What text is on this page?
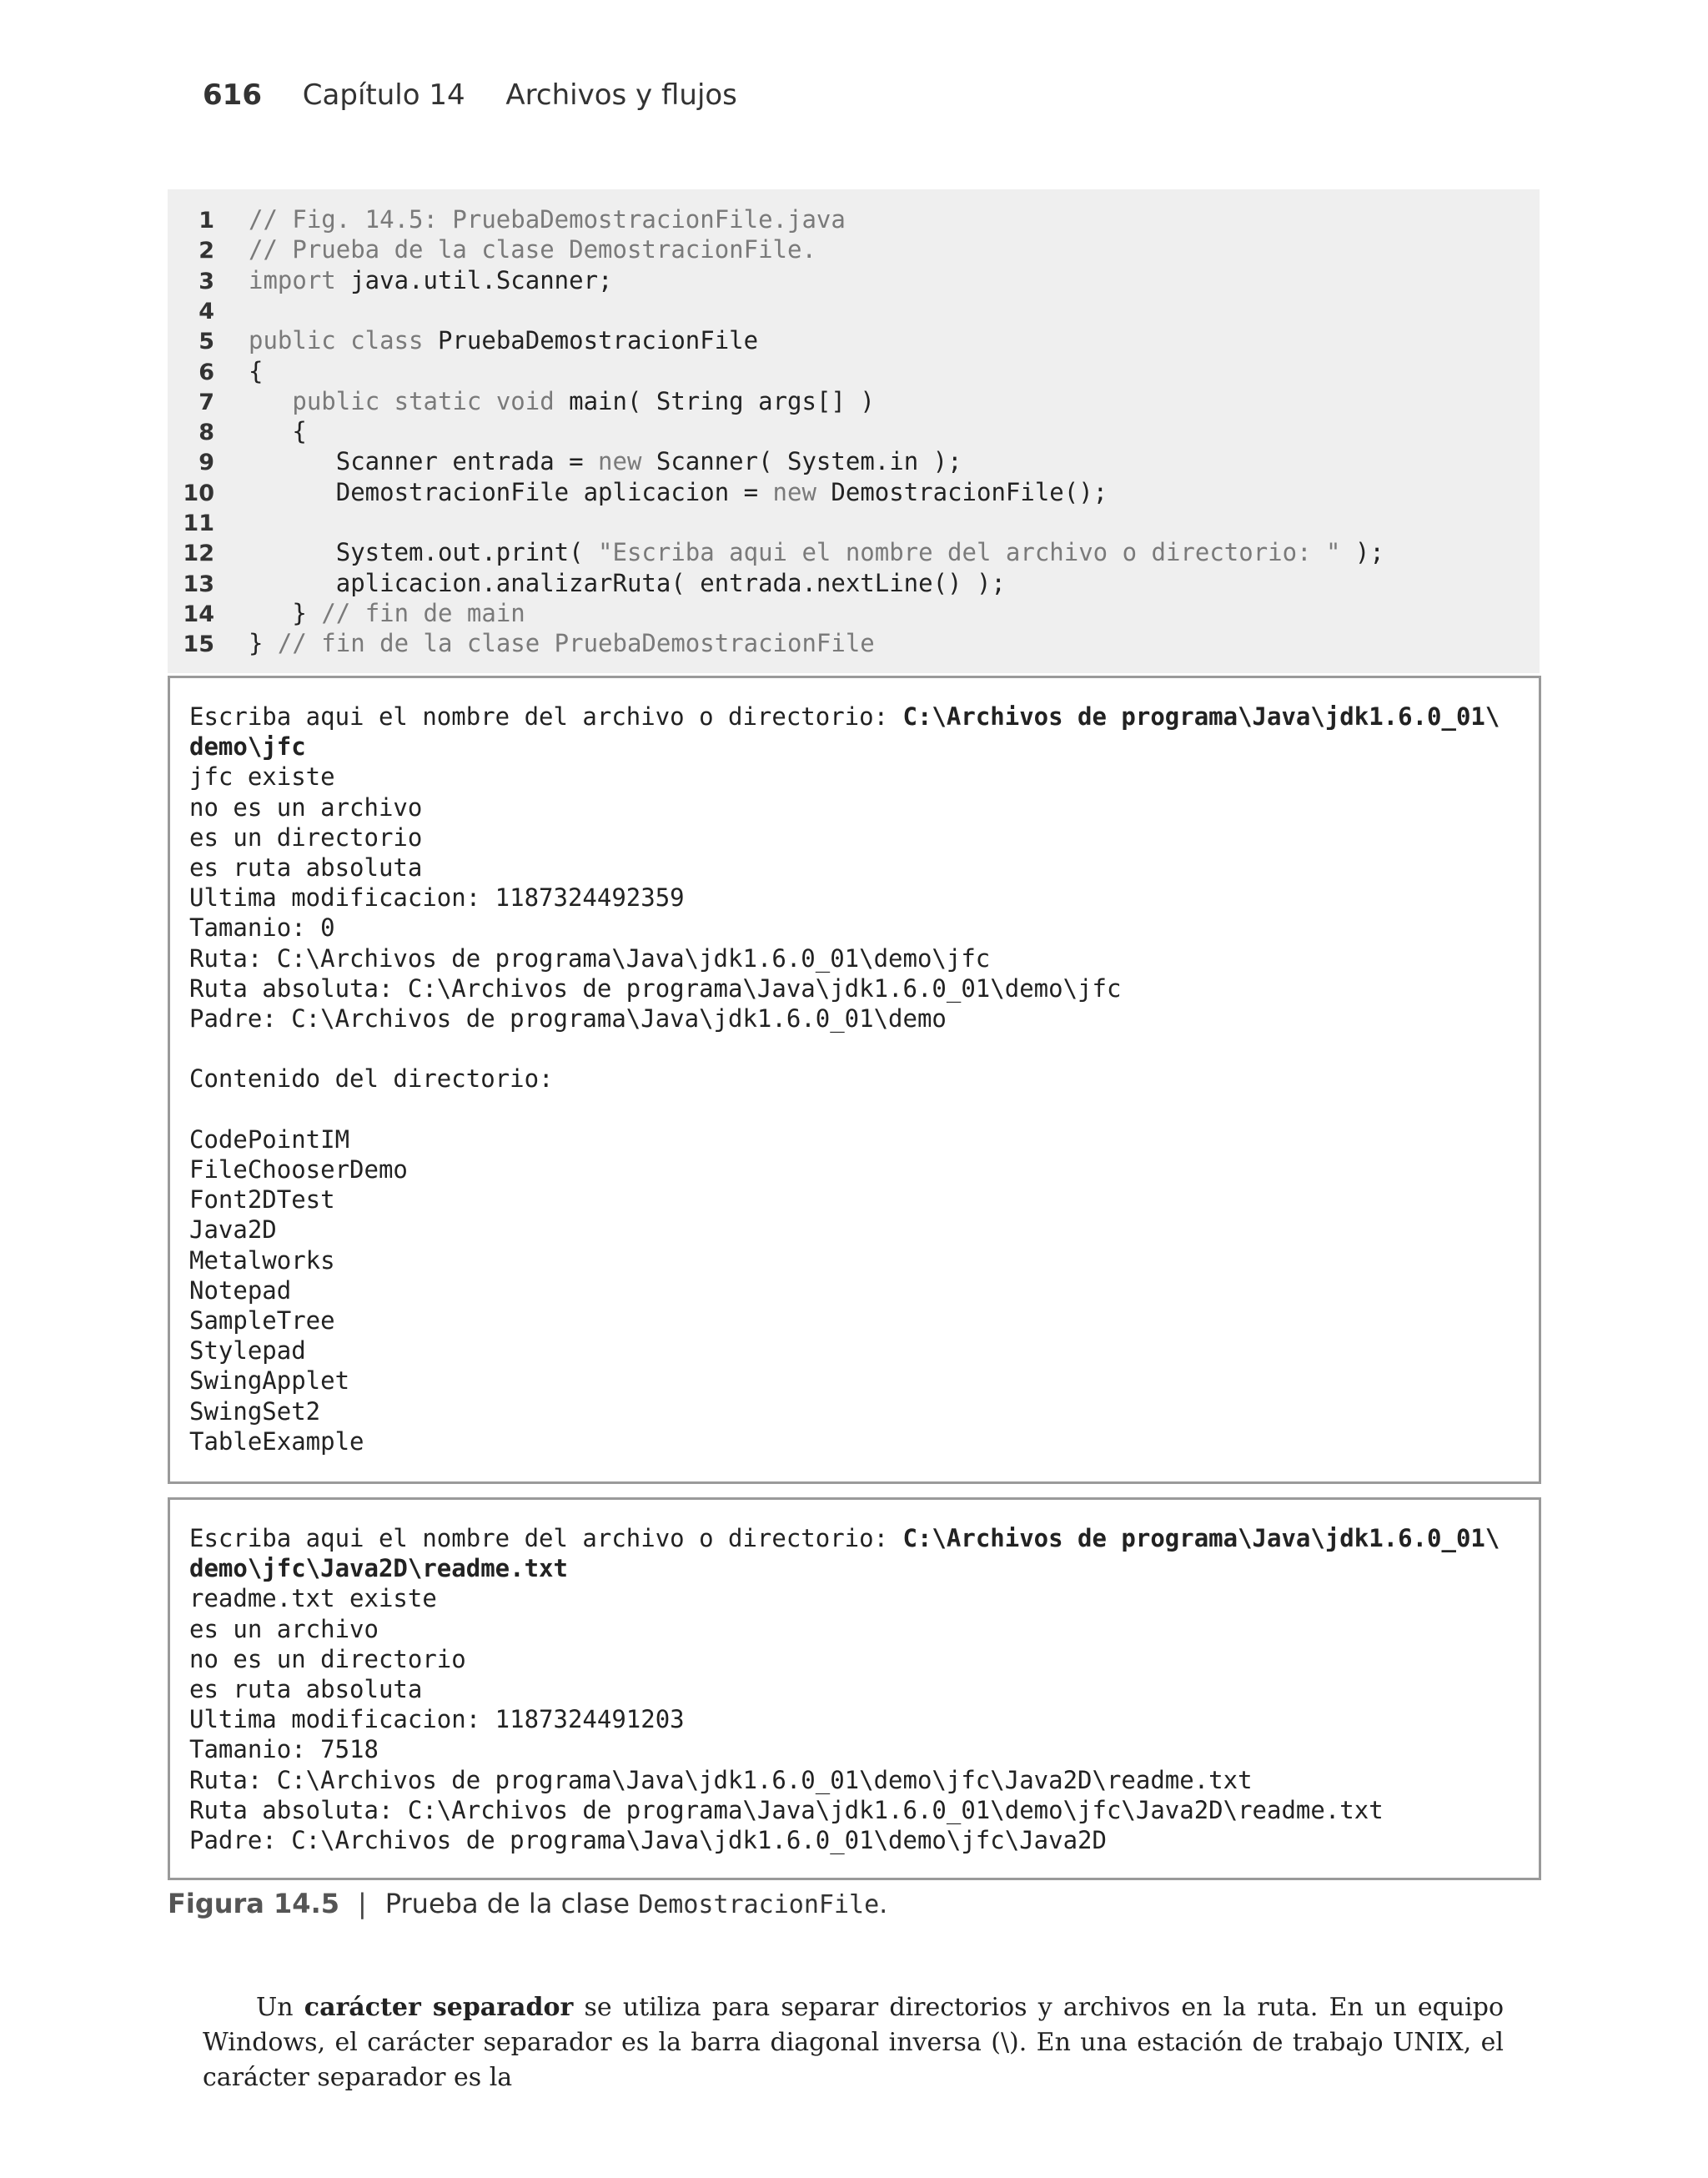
616 Capítulo 14 Archivos y flujos
1 // Fig. 14.5: PruebaDemostracionFile.java
2 // Prueba de la clase DemostracionFile.
3 import java.util.Scanner;
4
5 public class PruebaDemostracionFile
6 {
7	public static void main( String args[] )
8 {
9 Scanner entrada = new Scanner( System.in );
10 DemostracionFile aplicacion = new DemostracionFile();
11
12 System.out.print( "Escriba aqui el nombre del archivo o directorio: " );
13 aplicacion.analizarRuta( entrada.nextLine() );
14 } // fin de main
15 } // fin de la clase PruebaDemostracionFile
Escriba aqui el nombre del archivo o directorio: C:\Archivos de programa\Java\jdk1.6.0_01\
demo\jfc
jfc existe
no es un archivo
es un directorio
es ruta absoluta
Ultima modificacion: 1187324492359
Tamanio: 0
Ruta: C:\Archivos de programa\Java\jdk1.6.0_01\demo\jfc
Ruta absoluta: C:\Archivos de programa\Java\jdk1.6.0_01\demo\jfc
Padre: C:\Archivos de programa\Java\jdk1.6.0_01\demo
Contenido del directorio:
CodePointIM
FileChooserDemo
Font2DTest
Java2D
Metalworks
Notepad
SampleTree
Stylepad
SwingApplet
SwingSet2
TableExample
Escriba aqui el nombre del archivo o directorio: C:\Archivos de programa\Java\jdk1.6.0_01\
demo\jfc\Java2D\readme.txt
readme.txt existe
es un archivo
no es un directorio
es ruta absoluta
Ultima modificacion: 1187324491203
Tamanio: 7518
Ruta: C:\Archivos de programa\Java\jdk1.6.0_01\demo\jfc\Java2D\readme.txt
Ruta absoluta: C:\Archivos de programa\Java\jdk1.6.0_01\demo\jfc\Java2D\readme.txt
Padre: C:\Archivos de programa\Java\jdk1.6.0_01\demo\jfc\Java2D
Figura 14.5 | Prueba de la clase DemostracionFile.

Un carácter separador se utiliza para separar directorios y archivos en la ruta. En un equipo Windows, el carácter separador es la barra diagonal inversa (\). En una estación de trabajo UNIX, el carácter separador es la
